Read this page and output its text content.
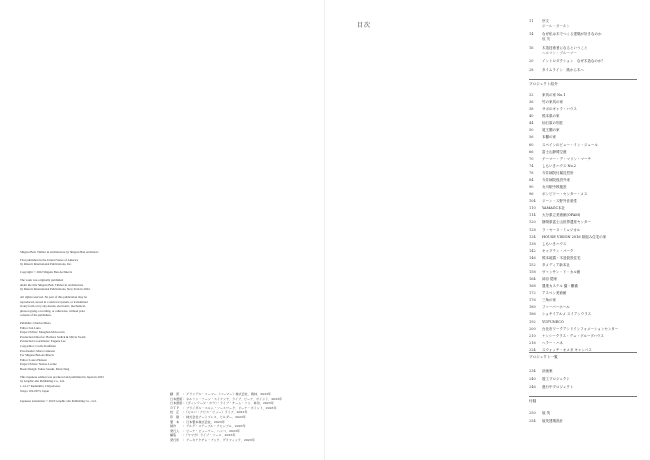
Shigeru Ban: Timber in Architecture by Shigeru Ban Architects

First published in the United States of America
by Rizzoli International Publications, Inc.

Copyright © 2022 Shigeru Ban Architects

The work was originally published
under the title Shigeru Ban: Timber in Architecture
by Rizzoli International Publications, New York in 2022.

All rights reserved. No part of this publication may be
reproduced, stored in a retrieval system, or transmitted
in any form or by any means, electronic, mechanical,
photocopying, recording, or otherwise, without prior
consent of the publishers.

Publisher: Charles Miers
Editor: Ian Luna
Project Editor: Meaghan McGovern
Production Director: Barbara Sadick & Olivia Swain
Production Coordinator: Eugene Lee
Copyeditor: Cecile Kaufman
Proofreader: Mara Cameron
For Shigeru Ban Architects
Editor: Laura Henson
Project Editor: Nobuo Levine
Book Design: Takao Sasaki, Maru Tang

This Japanese edition was produced and published in Japan in 2023
by Graphic-sha Publishing Co., Ltd.
1-14-17 Kudankita, Chiyoda-ku,
Tokyo 102-0073, Japan

Japanese translation © 2023 Graphic-sha Publishing Co., Ltd.

翻　訳	：アランデル・コーマー（コーマー）株式会社、樹林、2023年
日本語版 ：ネルソン・ソーン・スイケンヤ、ライブ、ビーナ、ポイント、2023年
日本語版 ：（ヴィンテージ・ボウ）・ライブ・チーム・ソリ、林田、2023年
ＤＴＰ	：ブライダル・エルム・ソースワーク、ビーナ・ポイント、2023年
校　正	：（セルパ・アビス・ビュー）ライブ、2023年
印　刷	：株式会社アートプレス、ビルダー、2023年
製　本	：日本製本株式会社、2023年
制作	：デルグ・ステーブル・アセンブル、2023年
発行人	：ビーナ・ビューワー、ハンコ、2023年
編集	：（ヤマガ）ライブ・ソース、2023年
発行所	：アーキテクチャ・ブック、グラフィック、2023年
目次
11	序文
ボール・ガーネン
14	なぜ私は木でつくる建築が好きなのか
坂 茂
16	木造技術者になるということ
ヘルマン・ブルーマー
20	イントロダクション　なぜ木造なのか？
28	タイムライン　紙から木へ
プロジェクト紹介
32	家具の家 No.1
36	竹の家具の家
38	サボのギャラ・ハウス
40	熊本県の家
44	仙石原の別荘
50	覚王閣の家
56	本棚の家
60	スペインのビュー・イン・ジュール
66	富士山静岡空港
70	ゲーマー・デ・マリン・マーチ
74	しもいきハウス No.2
78	今井病院付属託児所
84	今井病院仮設外来
90	女川駅中核施設
96	ポンピドー・センター・メス
104	ジーン・ス野外音楽堂
110	YAMAGC本社
114	大分県立美術館(OPAM)
120	静岡県富士山世界遺産センター
128	ラ・セーヌ・ミュジカル
134	HOUSE VISION 2016 紙組み住宅の家
138	しもいきハウス
142	キャプテン・パーク
146	熊本地震・木造仮設住宅
152	タメディア新本社
158	ヴァンサン・ド・カル館
164	神谷 隠家
168	農業カステル 園・難備
172	アスペン美術館
176	三角の家
180	ファーバーホール
186	ショヤイアルメ スイアンウラス
192	YUFUNECO
200	台北市ワークアンドインフォメーションセンター
210	ナンシークラス・デュ・グループハウス
216	ヘラー・ハネ
224	スウォッチ・オメガ キャンパス
プロジェクト一覧
234	計画案
240	竣工プロジェクト
246	進行中プロジェクト
付録
250	坂 茂
254	坂茂建築設計
